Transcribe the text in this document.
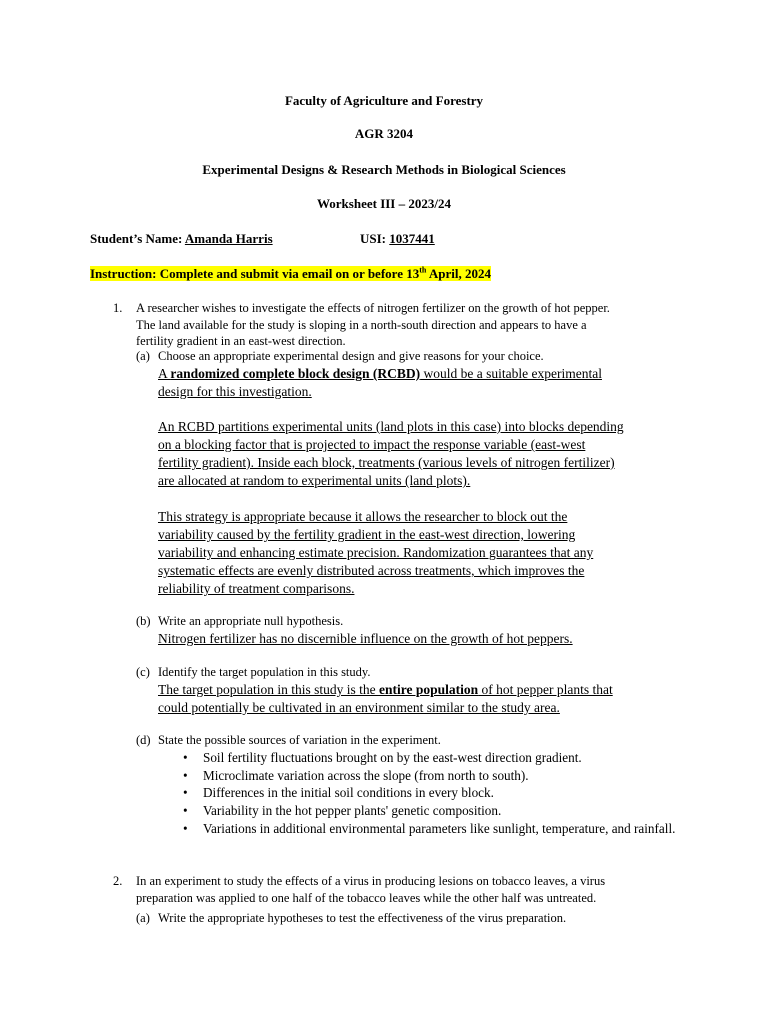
Faculty of Agriculture and Forestry
AGR 3204
Experimental Designs & Research Methods in Biological Sciences
Worksheet III – 2023/24
Student’s Name: Amanda Harris	USI: 1037441
Instruction: Complete and submit via email on or before 13th April, 2024
1. A researcher wishes to investigate the effects of nitrogen fertilizer on the growth of hot pepper.
The land available for the study is sloping in a north-south direction and appears to have a
fertility gradient in an east-west direction.
(a) Choose an appropriate experimental design and give reasons for your choice.
A randomized complete block design (RCBD) would be a suitable experimental
design for this investigation.
An RCBD partitions experimental units (land plots in this case) into blocks depending
on a blocking factor that is projected to impact the response variable (east-west
fertility gradient). Inside each block, treatments (various levels of nitrogen fertilizer)
are allocated at random to experimental units (land plots).
This strategy is appropriate because it allows the researcher to block out the
variability caused by the fertility gradient in the east-west direction, lowering
variability and enhancing estimate precision. Randomization guarantees that any
systematic effects are evenly distributed across treatments, which improves the
reliability of treatment comparisons.
(b) Write an appropriate null hypothesis.
Nitrogen fertilizer has no discernible influence on the growth of hot peppers.
(c) Identify the target population in this study.
The target population in this study is the entire population of hot pepper plants that
could potentially be cultivated in an environment similar to the study area.
(d) State the possible sources of variation in the experiment.
• Soil fertility fluctuations brought on by the east-west direction gradient.
• Microclimate variation across the slope (from north to south).
• Differences in the initial soil conditions in every block.
• Variability in the hot pepper plants' genetic composition.
• Variations in additional environmental parameters like sunlight, temperature, and rainfall.
2. In an experiment to study the effects of a virus in producing lesions on tobacco leaves, a virus
preparation was applied to one half of the tobacco leaves while the other half was untreated.
(a) Write the appropriate hypotheses to test the effectiveness of the virus preparation.
